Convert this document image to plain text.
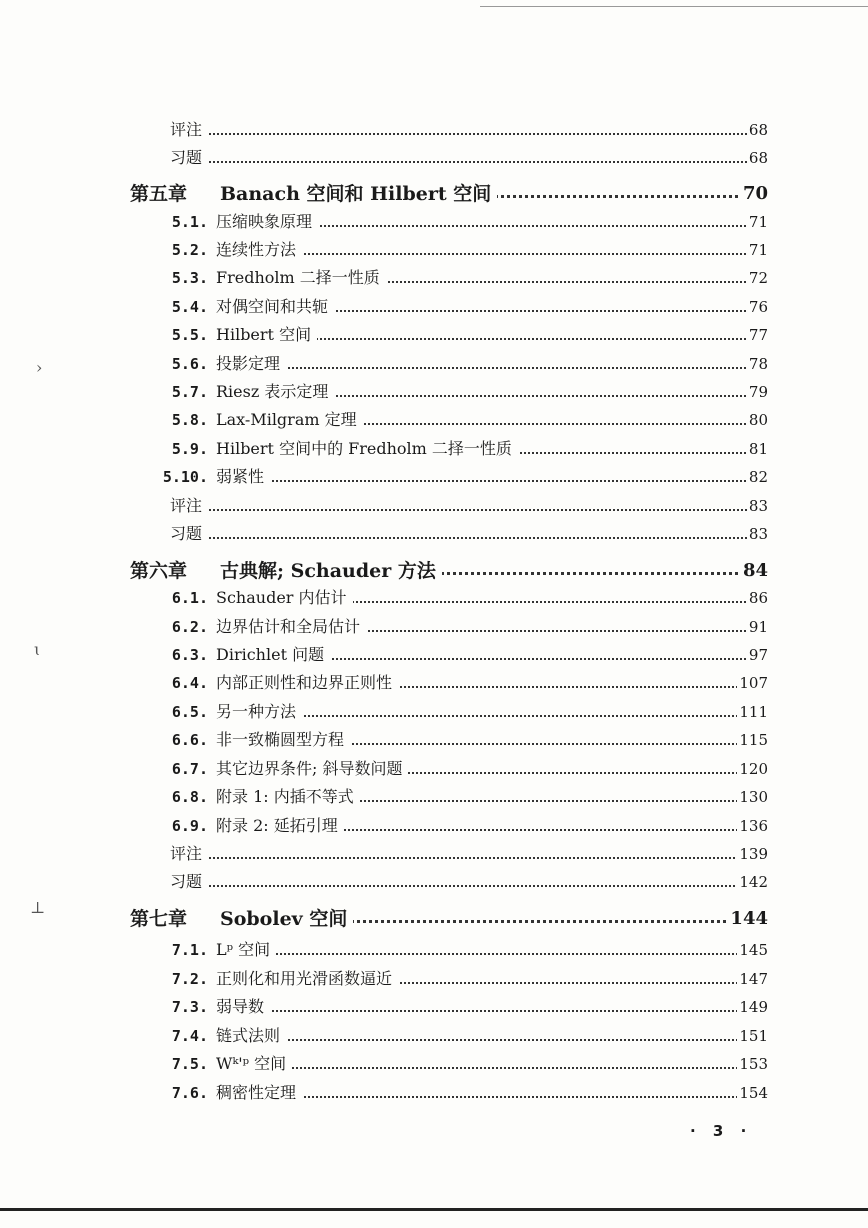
评注	68
习题	68
第五章 Banach 空间和 Hilbert 空间	70
5.1. 压缩映象原理	71
5.2. 连续性方法	71
5.3. Fredholm 二择一性质	72
5.4. 对偶空间和共轭	76
5.5. Hilbert 空间	77
5.6. 投影定理	78
5.7. Riesz 表示定理	79
5.8. Lax-Milgram 定理	80
5.9. Hilbert 空间中的 Fredholm 二择一性质	81
5.10. 弱紧性	82
评注	83
习题	83
第六章 古典解; Schauder 方法	84
6.1. Schauder 内估计	86
6.2. 边界估计和全局估计	91
6.3. Dirichlet 问题	97
6.4. 内部正则性和边界正则性	107
6.5. 另一种方法	111
6.6. 非一致椭圆型方程	115
6.7. 其它边界条件; 斜导数问题	120
6.8. 附录 1: 内插不等式	130
6.9. 附录 2: 延拓引理	136
评注	139
习题	142
第七章 Sobolev 空间	144
7.1. Lᵖ 空间	145
7.2. 正则化和用光滑函数逼近	147
7.3. 弱导数	149
7.4. 链式法则	151
7.5. Wᵏ'ᵖ 空间	153
7.6. 稠密性定理	154
›
ɩ
⊥
· 3 ·
